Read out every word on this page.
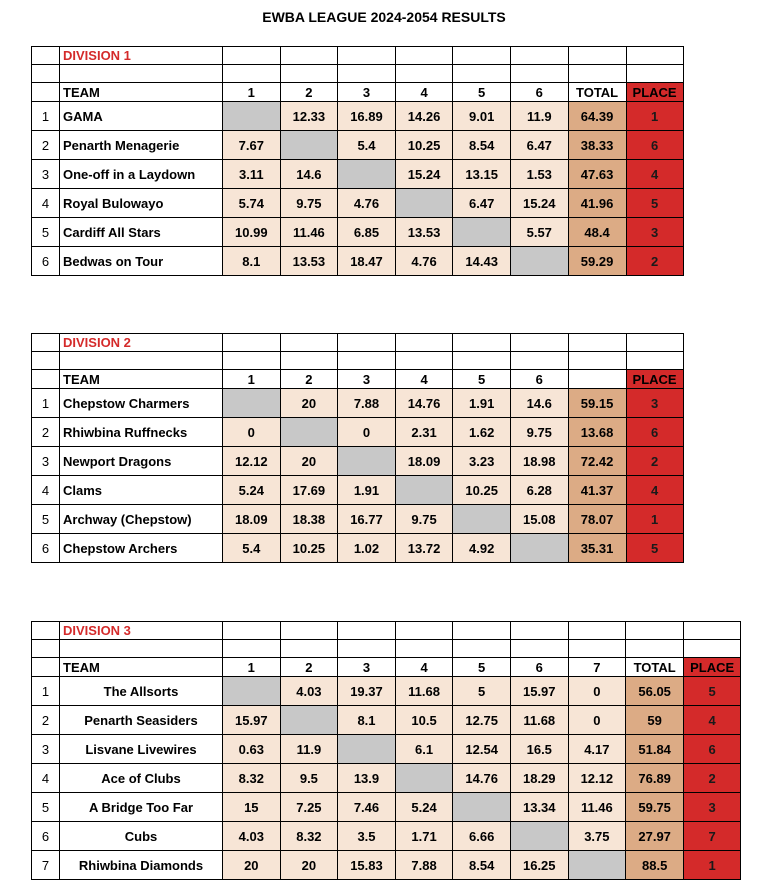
EWBA LEAGUE 2024-2054 RESULTS
	DIVISION 1								

	TEAM	1	2	3	4	5	6	TOTAL	PLACE
1	GAMA		12.33	16.89	14.26	9.01	11.9	64.39	1
2	Penarth Menagerie	7.67		5.4	10.25	8.54	6.47	38.33	6
3	One-off in a Laydown	3.11	14.6		15.24	13.15	1.53	47.63	4
4	Royal Bulowayo	5.74	9.75	4.76		6.47	15.24	41.96	5
5	Cardiff All Stars	10.99	11.46	6.85	13.53		5.57	48.4	3
6	Bedwas on Tour	8.1	13.53	18.47	4.76	14.43		59.29	2
	DIVISION 2								

	TEAM	1	2	3	4	5	6		PLACE
1	Chepstow Charmers		20	7.88	14.76	1.91	14.6	59.15	3
2	Rhiwbina Ruffnecks	0		0	2.31	1.62	9.75	13.68	6
3	Newport Dragons	12.12	20		18.09	3.23	18.98	72.42	2
4	Clams	5.24	17.69	1.91		10.25	6.28	41.37	4
5	Archway (Chepstow)	18.09	18.38	16.77	9.75		15.08	78.07	1
6	Chepstow Archers	5.4	10.25	1.02	13.72	4.92		35.31	5
	DIVISION 3									

	TEAM	1	2	3	4	5	6	7	TOTAL	PLACE
1	The Allsorts		4.03	19.37	11.68	5	15.97	0	56.05	5
2	Penarth Seasiders	15.97		8.1	10.5	12.75	11.68	0	59	4
3	Lisvane Livewires	0.63	11.9		6.1	12.54	16.5	4.17	51.84	6
4	Ace of Clubs	8.32	9.5	13.9		14.76	18.29	12.12	76.89	2
5	A Bridge Too Far	15	7.25	7.46	5.24		13.34	11.46	59.75	3
6	Cubs	4.03	8.32	3.5	1.71	6.66		3.75	27.97	7
7	Rhiwbina Diamonds	20	20	15.83	7.88	8.54	16.25		88.5	1
